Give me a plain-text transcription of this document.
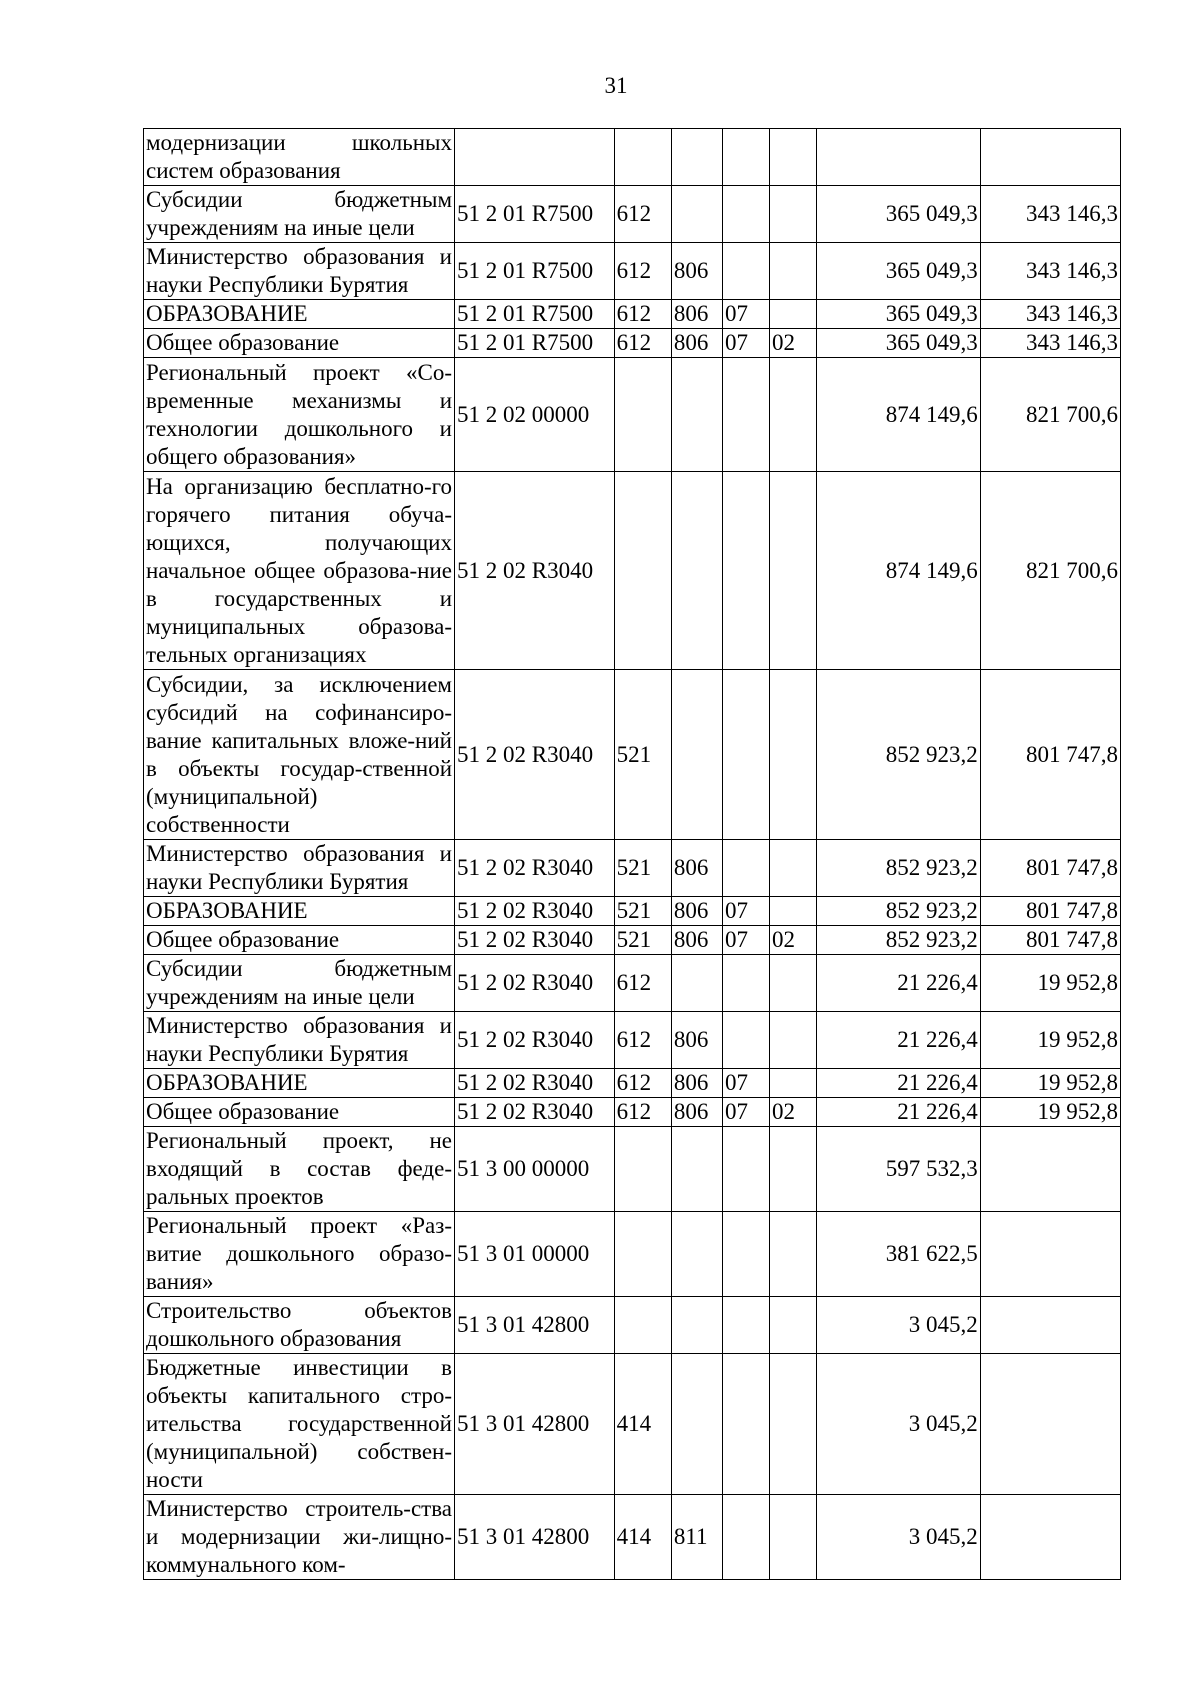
31
модернизации школьных систем образования							
Субсидии бюджетным учреждениям на иные цели	51 2 01 R7500	612				365 049,3	343 146,3
Министерство образования и науки Республики Бурятия	51 2 01 R7500	612	806			365 049,3	343 146,3
ОБРАЗОВАНИЕ	51 2 01 R7500	612	806	07		365 049,3	343 146,3
Общее образование	51 2 01 R7500	612	806	07	02	365 049,3	343 146,3
Региональный проект «Со-временные механизмы и технологии дошкольного и общего образования»	51 2 02 00000					874 149,6	821 700,6
На организацию бесплатно-го горячего питания обуча-ющихся, получающих начальное общее образова-ние в государственных и муниципальных образова-тельных организациях	51 2 02 R3040					874 149,6	821 700,6
Субсидии, за исключением субсидий на софинансиро-вание капитальных вложе-ний в объекты государ-ственной (муниципальной) собственности	51 2 02 R3040	521				852 923,2	801 747,8
Министерство образования и науки Республики Бурятия	51 2 02 R3040	521	806			852 923,2	801 747,8
ОБРАЗОВАНИЕ	51 2 02 R3040	521	806	07		852 923,2	801 747,8
Общее образование	51 2 02 R3040	521	806	07	02	852 923,2	801 747,8
Субсидии бюджетным учреждениям на иные цели	51 2 02 R3040	612				21 226,4	19 952,8
Министерство образования и науки Республики Бурятия	51 2 02 R3040	612	806			21 226,4	19 952,8
ОБРАЗОВАНИЕ	51 2 02 R3040	612	806	07		21 226,4	19 952,8
Общее образование	51 2 02 R3040	612	806	07	02	21 226,4	19 952,8
Региональный проект, не входящий в состав феде-ральных проектов	51 3 00 00000					597 532,3	
Региональный проект «Раз-витие дошкольного образо-вания»	51 3 01 00000					381 622,5	
Строительство объектов дошкольного образования	51 3 01 42800					3 045,2	
Бюджетные инвестиции в объекты капитального стро-ительства государственной (муниципальной) собствен-ности	51 3 01 42800	414				3 045,2	
Министерство строитель-ства и модернизации жи-лищно-коммунального ком-	51 3 01 42800	414	811			3 045,2	
